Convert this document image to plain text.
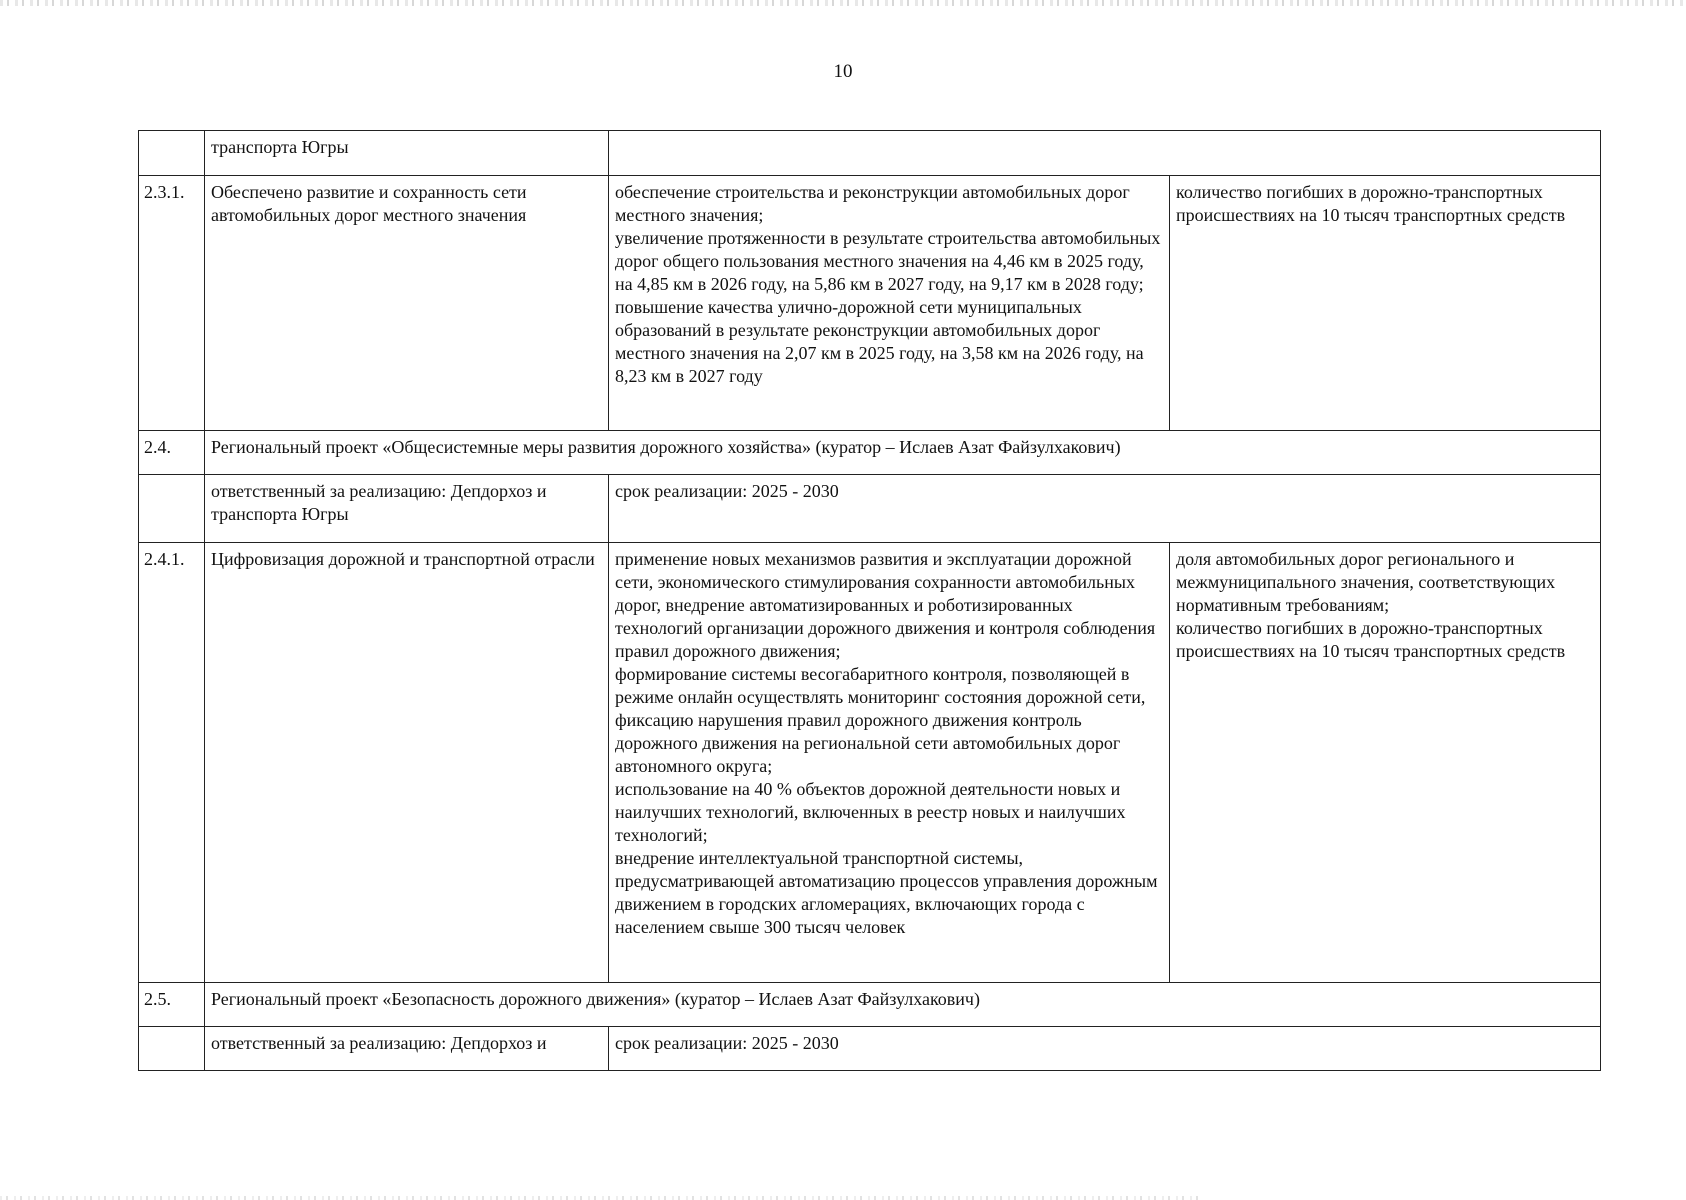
10
	транспорта Югры		
2.3.1.	Обеспечено развитие и сохранность сети автомобильных дорог местного значения	обеспечение строительства и реконструкции автомобильных дорог местного значения;
увеличение протяженности в результате строительства автомобильных дорог общего пользования местного значения на 4,46 км в 2025 году, на 4,85 км в 2026 году, на 5,86 км в 2027 году, на 9,17 км в 2028 году;
повышение качества улично-дорожной сети муниципальных образований в результате реконструкции автомобильных дорог местного значения на 2,07 км в 2025 году, на 3,58 км на 2026 году, на 8,23 км в 2027 году	количество погибших в дорожно-транспортных происшествиях на 10 тысяч транспортных средств
2.4.	Региональный проект «Общесистемные меры развития дорожного хозяйства» (куратор – Ислаев Азат Файзулхакович)		
	ответственный за реализацию: Депдорхоз и транспорта Югры	срок реализации: 2025 - 2030	
2.4.1.	Цифровизация дорожной и транспортной отрасли	применение новых механизмов развития и эксплуатации дорожной сети, экономического стимулирования сохранности автомобильных дорог, внедрение автоматизированных и роботизированных технологий организации дорожного движения и контроля соблюдения правил дорожного движения;
формирование системы весогабаритного контроля, позволяющей в режиме онлайн осуществлять мониторинг состояния дорожной сети, фиксацию нарушения правил дорожного движения контроль дорожного движения на региональной сети автомобильных дорог автономного округа;
использование на 40 % объектов дорожной деятельности новых и наилучших технологий, включенных в реестр новых и наилучших технологий;
внедрение интеллектуальной транспортной системы, предусматривающей автоматизацию процессов управления дорожным движением в городских агломерациях, включающих города с населением свыше 300 тысяч человек	доля автомобильных дорог регионального и межмуниципального значения, соответствующих нормативным требованиям;
количество погибших в дорожно-транспортных происшествиях на 10 тысяч транспортных средств
2.5.	Региональный проект «Безопасность дорожного движения» (куратор – Ислаев Азат Файзулхакович)		
	ответственный за реализацию: Депдорхоз и	срок реализации: 2025 - 2030	
